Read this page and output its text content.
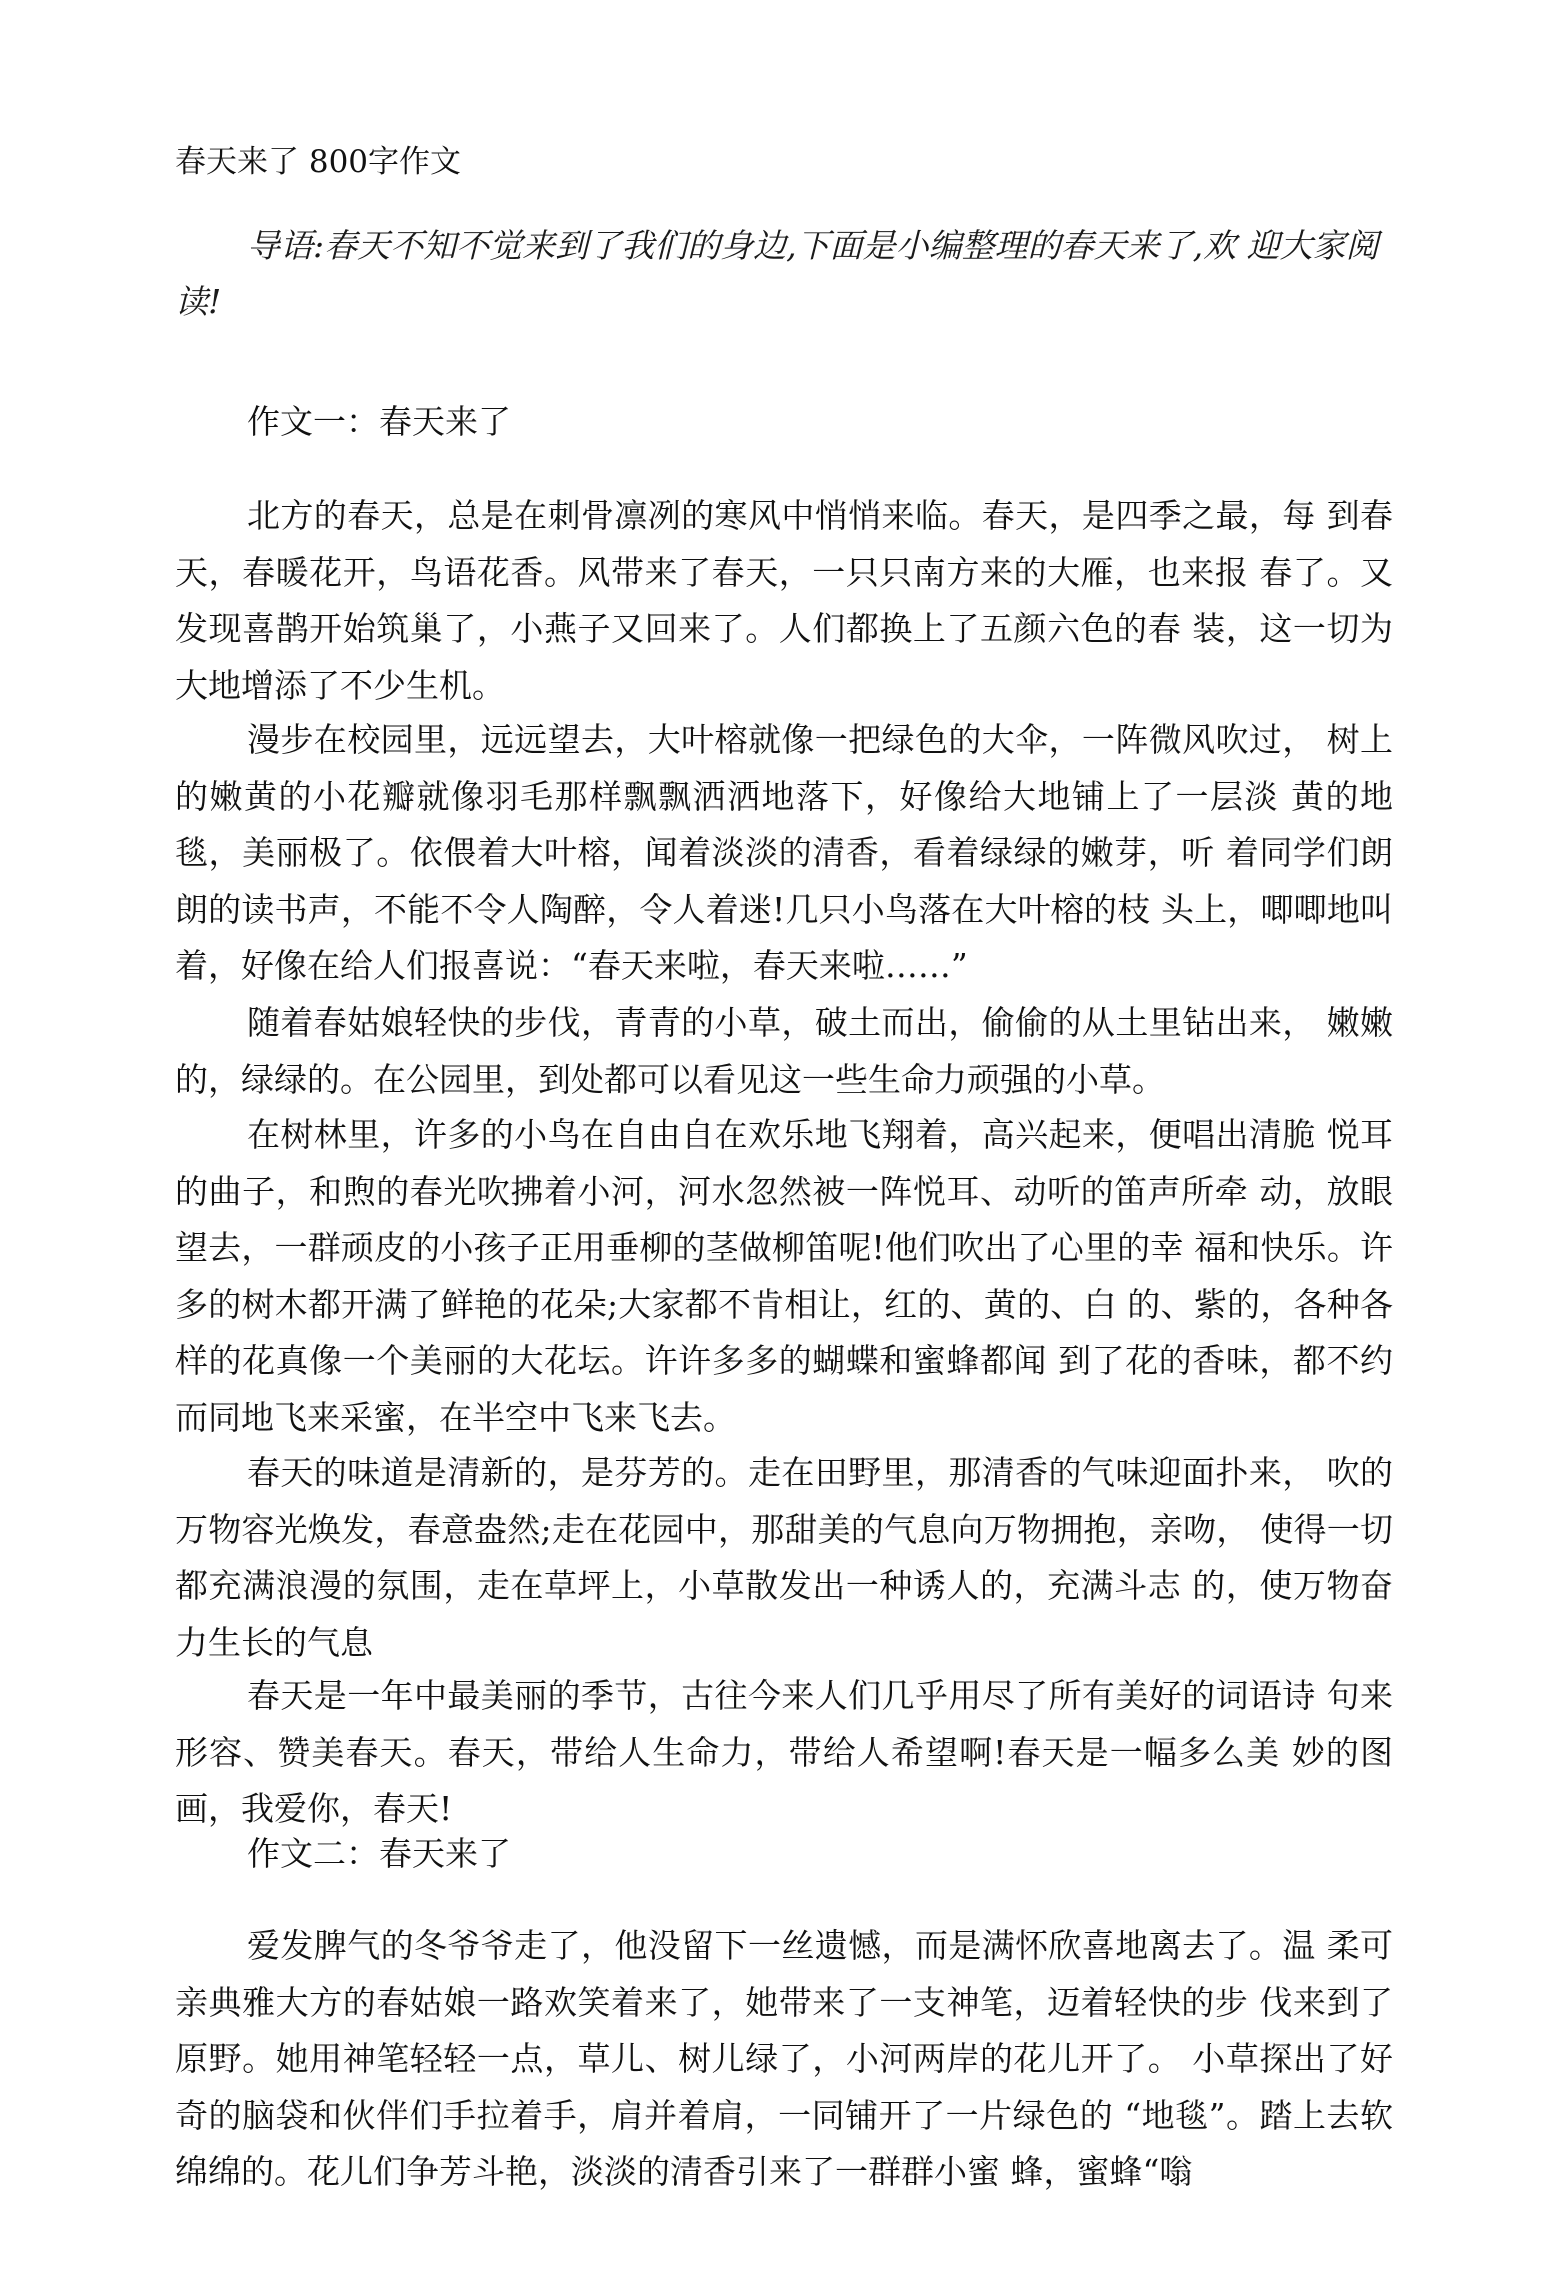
春天来了 800字作文

导语:春天不知不觉来到了我们的身边,下面是小编整理的春天来了,欢 迎大家阅读!

作文一：春天来了

北方的春天，总是在刺骨凛冽的寒风中悄悄来临。春天，是四季之最，每 到春天，春暖花开，鸟语花香。风带来了春天，一只只南方来的大雁，也来报 春了。又发现喜鹊开始筑巢了，小燕子又回来了。人们都换上了五颜六色的春 装，这一切为大地增添了不少生机。

漫步在校园里，远远望去，大叶榕就像一把绿色的大伞，一阵微风吹过， 树上的嫩黄的小花瓣就像羽毛那样飘飘洒洒地落下，好像给大地铺上了一层淡 黄的地毯，美丽极了。依偎着大叶榕，闻着淡淡的清香，看着绿绿的嫩芽，听 着同学们朗朗的读书声，不能不令人陶醉，令人着迷!几只小鸟落在大叶榕的枝 头上，唧唧地叫着，好像在给人们报喜说：“春天来啦，春天来啦……”

随着春姑娘轻快的步伐，青青的小草，破土而出，偷偷的从土里钻出来， 嫩嫩的，绿绿的。在公园里，到处都可以看见这一些生命力顽强的小草。

在树林里，许多的小鸟在自由自在欢乐地飞翔着，高兴起来，便唱出清脆 悦耳的曲子，和煦的春光吹拂着小河，河水忽然被一阵悦耳、动听的笛声所牵 动，放眼望去，一群顽皮的小孩子正用垂柳的茎做柳笛呢!他们吹出了心里的幸 福和快乐。许多的树木都开满了鲜艳的花朵;大家都不肯相让，红的、黄的、白 的、紫的，各种各样的花真像一个美丽的大花坛。许许多多的蝴蝶和蜜蜂都闻 到了花的香味，都不约而同地飞来采蜜，在半空中飞来飞去。

春天的味道是清新的，是芬芳的。走在田野里，那清香的气味迎面扑来， 吹的万物容光焕发，春意盎然;走在花园中，那甜美的气息向万物拥抱，亲吻， 使得一切都充满浪漫的氛围，走在草坪上，小草散发出一种诱人的，充满斗志 的，使万物奋力生长的气息

春天是一年中最美丽的季节，古往今来人们几乎用尽了所有美好的词语诗 句来形容、赞美春天。春天，带给人生命力，带给人希望啊!春天是一幅多么美 妙的图画，我爱你，春天!

作文二：春天来了

爱发脾气的冬爷爷走了，他没留下一丝遗憾，而是满怀欣喜地离去了。温 柔可亲典雅大方的春姑娘一路欢笑着来了，她带来了一支神笔，迈着轻快的步 伐来到了原野。她用神笔轻轻一点，草儿、树儿绿了，小河两岸的花儿开了。 小草探出了好奇的脑袋和伙伴们手拉着手，肩并着肩，一同铺开了一片绿色的 “地毯”。踏上去软绵绵的。花儿们争芳斗艳，淡淡的清香引来了一群群小蜜 蜂，蜜蜂“嗡
